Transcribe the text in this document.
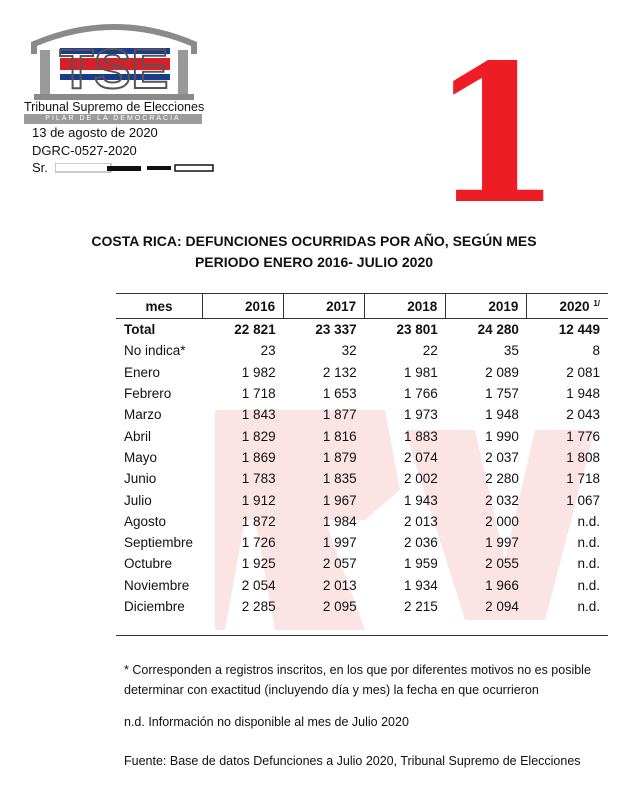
TSE
Tribunal Supremo de Elecciones
PILAR DE LA DEMOCRACIA
13 de agosto de 2020
DGRC-0527-2020
Sr. 1
COSTA RICA: DEFUNCIONES OCURRIDAS POR AÑO, SEGÚN MES
PERIODO ENERO 2016- JULIO 2020
mes	2016	2017	2018	2019	2020 $^{1/}$
Total	22 821	23 337	23 801	24 280	12 449
No indica*	23	32	22	35	8
Enero	1 982	2 132	1 981	2 089	2 081
Febrero	1 718	1 653	1 766	1 757	1 948
Marzo	1 843	1 877	1 973	1 948	2 043
Abril	1 829	1 816	1 883	1 990	1 776
Mayo	1 869	1 879	2 074	2 037	1 808
Junio	1 783	1 835	2 002	2 280	1 718
Julio	1 912	1 967	1 943	2 032	1 067
Agosto	1 872	1 984	2 013	2 000	n.d.
Septiembre	1 726	1 997	2 036	1 997	n.d.
Octubre	1 925	2 057	1 959	2 055	n.d.
Noviembre	2 054	2 013	1 934	1 966	n.d.
Diciembre	2 285	2 095	2 215	2 094	n.d.
* Corresponden a registros inscritos, en los que por diferentes motivos no es posible determinar con exactitud (incluyendo día y mes) la fecha en que ocurrieron
n.d. Información no disponible al mes de Julio 2020
Fuente: Base de datos Defunciones a Julio 2020, Tribunal Supremo de Elecciones
